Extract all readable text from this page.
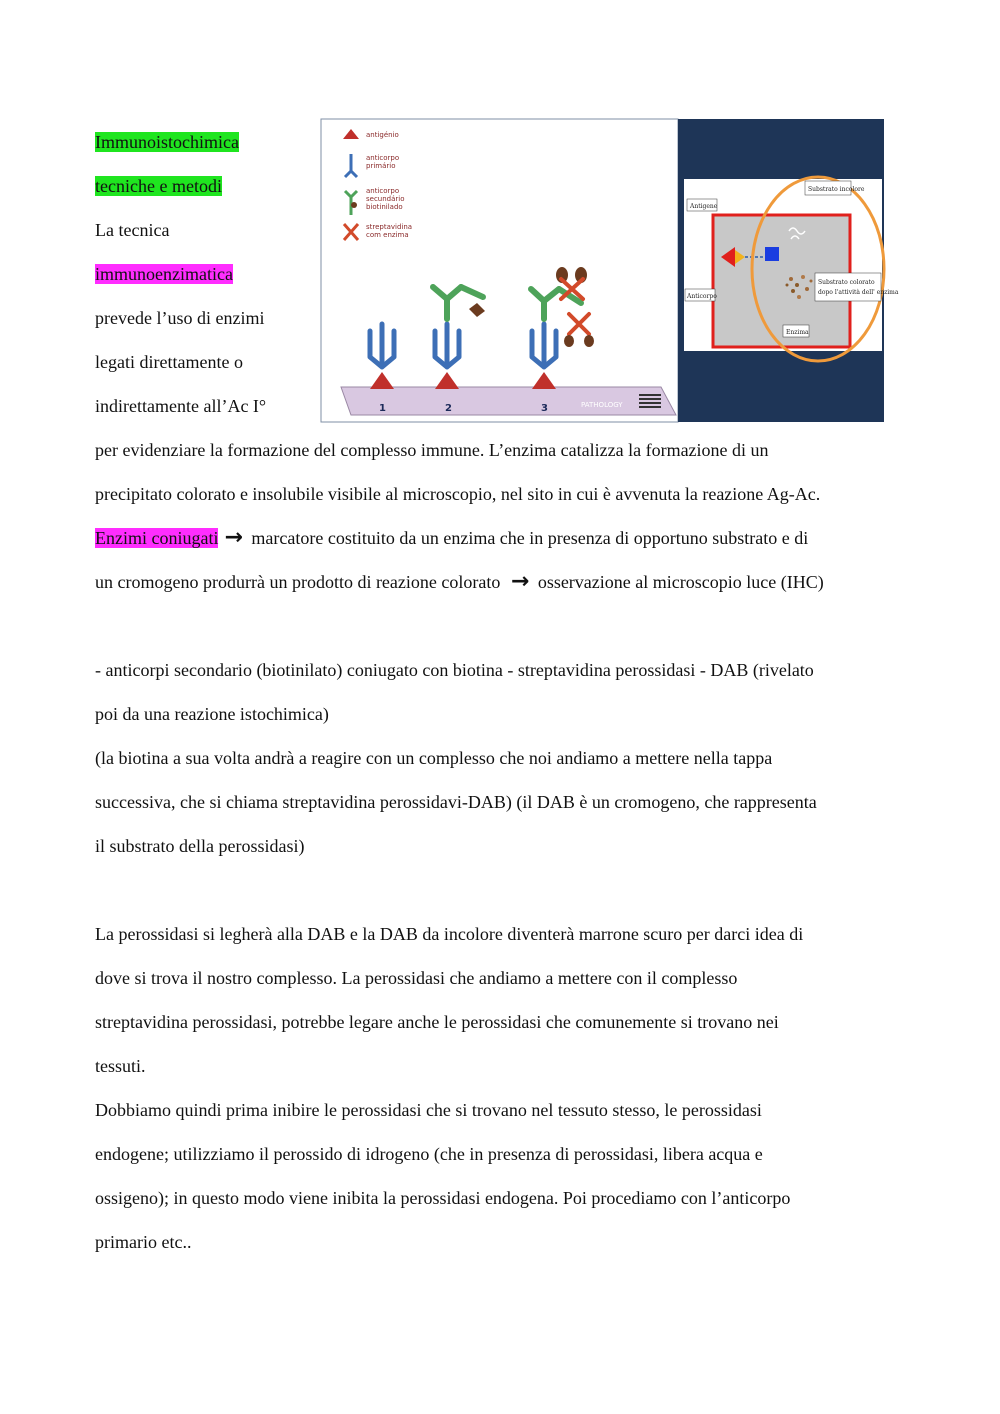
Immunoistochimica
tecniche e metodi
La tecnica
immunoenzimatica
prevede l’uso di enzimi
legati direttamente o
indirettamente all’Ac I°
antigénio
anticorpo
primário
anticorpo
secundário
biotinilado
streptavidina
com enzima
PATHOLOGY
1	2	3
Antigene
Anticorpo
Enzima
Substrato incolore
Substrato colorato
dopo l'attività dell' enzima
per evidenziare la formazione del complesso immune. L’enzima catalizza la formazione di un
precipitato colorato e insolubile visibile al microscopio, nel sito in cui è avvenuta la reazione Ag-Ac.
Enzimi coniugati → marcatore costituito da un enzima che in presenza di opportuno substrato e di
un cromogeno produrrà un prodotto di reazione colorato → osservazione al microscopio luce (IHC)
- anticorpi secondario (biotinilato) coniugato con biotina - streptavidina perossidasi - DAB (rivelato
poi da una reazione istochimica)
(la biotina a sua volta andrà a reagire con un complesso che noi andiamo a mettere nella tappa
successiva, che si chiama streptavidina perossidavi-DAB) (il DAB è un cromogeno, che rappresenta
il substrato della perossidasi)
La perossidasi si legherà alla DAB e la DAB da incolore diventerà marrone scuro per darci idea di
dove si trova il nostro complesso. La perossidasi che andiamo a mettere con il complesso
streptavidina perossidasi, potrebbe legare anche le perossidasi che comunemente si trovano nei
tessuti.
Dobbiamo quindi prima inibire le perossidasi che si trovano nel tessuto stesso, le perossidasi
endogene; utilizziamo il perossido di idrogeno (che in presenza di perossidasi, libera acqua e
ossigeno); in questo modo viene inibita la perossidasi endogena. Poi procediamo con l’anticorpo
primario etc..
